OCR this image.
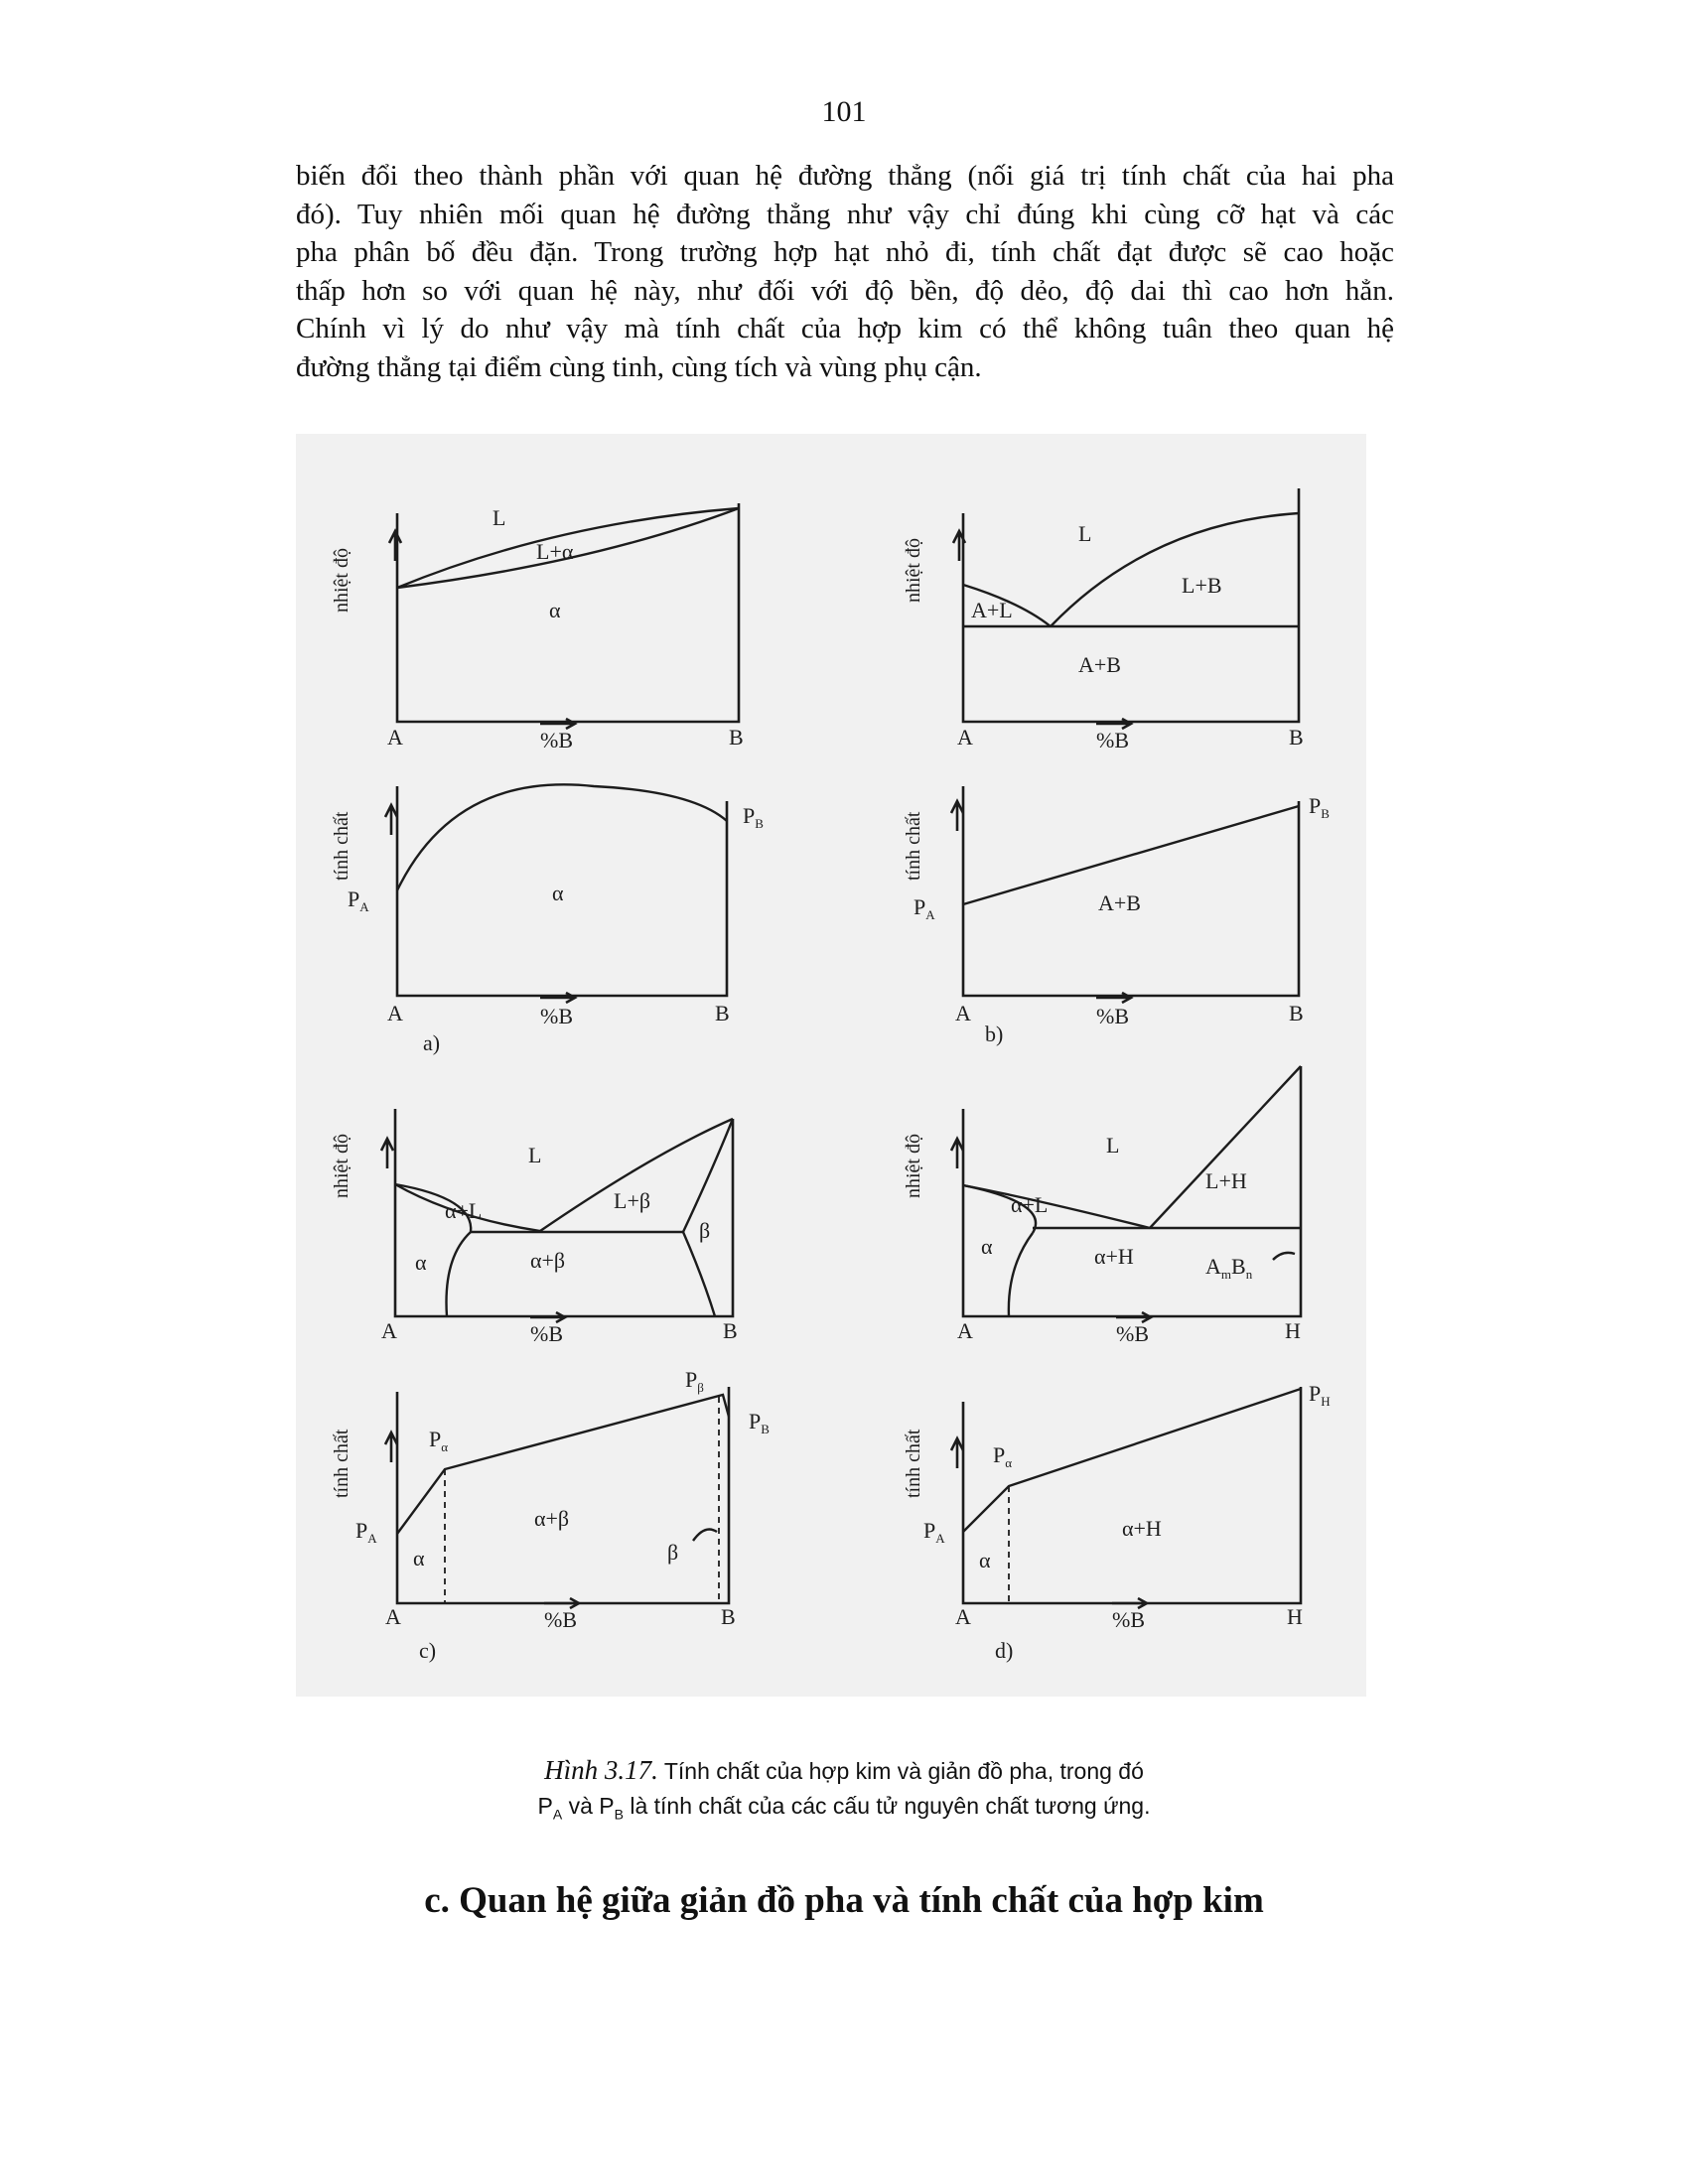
101
biến đổi theo thành phần với quan hệ đường thẳng (nối giá trị tính chất của hai pha
đó). Tuy nhiên mối quan hệ đường thẳng như vậy chỉ đúng khi cùng cỡ hạt và các
pha phân bố đều đặn. Trong trường hợp hạt nhỏ đi, tính chất đạt được sẽ cao hoặc
thấp hơn so với quan hệ này, như đối với độ bền, độ dẻo, độ dai thì cao hơn hẳn.
Chính vì lý do như vậy mà tính chất của hợp kim có thể không tuân theo quan hệ
đường thẳng tại điểm cùng tinh, cùng tích và vùng phụ cận.
nhiệt độ
L
L+α
α
A	%B	B
tính chất
$P_A$
$P_B$
α
A	%B	B
a)
nhiệt độ
L
A+L
L+B
A+B
A	%B	B
tính chất
$P_A$
$P_B$
A+B
A	%B	B
b)
nhiệt độ	L
α+L	L+β
β
α	α+β
A	%B	B
tính chất
$P_A$
$P_\alpha$
$P_\beta$
$P_B$
α
α+β
β
A	%B	B
c)
nhiệt độ	L
α+L
L+H
α	α+H	$A_mB_n$
A	%B	H
tính chất
$P_A$
$P_\alpha$
$P_H$
α
α+H
A	%B	H
d)
Hình 3.17. Tính chất của hợp kim và giản đồ pha, trong đó
$P_A$ và $P_B$ là tính chất của các cấu tử nguyên chất tương ứng.
c. Quan hệ giữa giản đồ pha và tính chất của hợp kim
